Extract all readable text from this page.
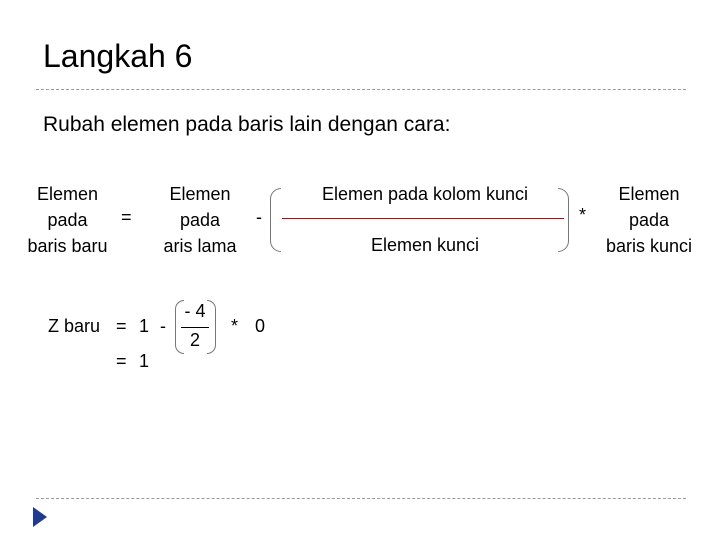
Langkah 6
Rubah elemen pada baris lain dengan cara:
Elemen
pada
baris baru
=
Elemen
pada
aris lama
-
Elemen pada kolom kunci
Elemen kunci
*
Elemen
pada
baris kunci
Z baru = 1 -
- 4
2
* 0
= 1
